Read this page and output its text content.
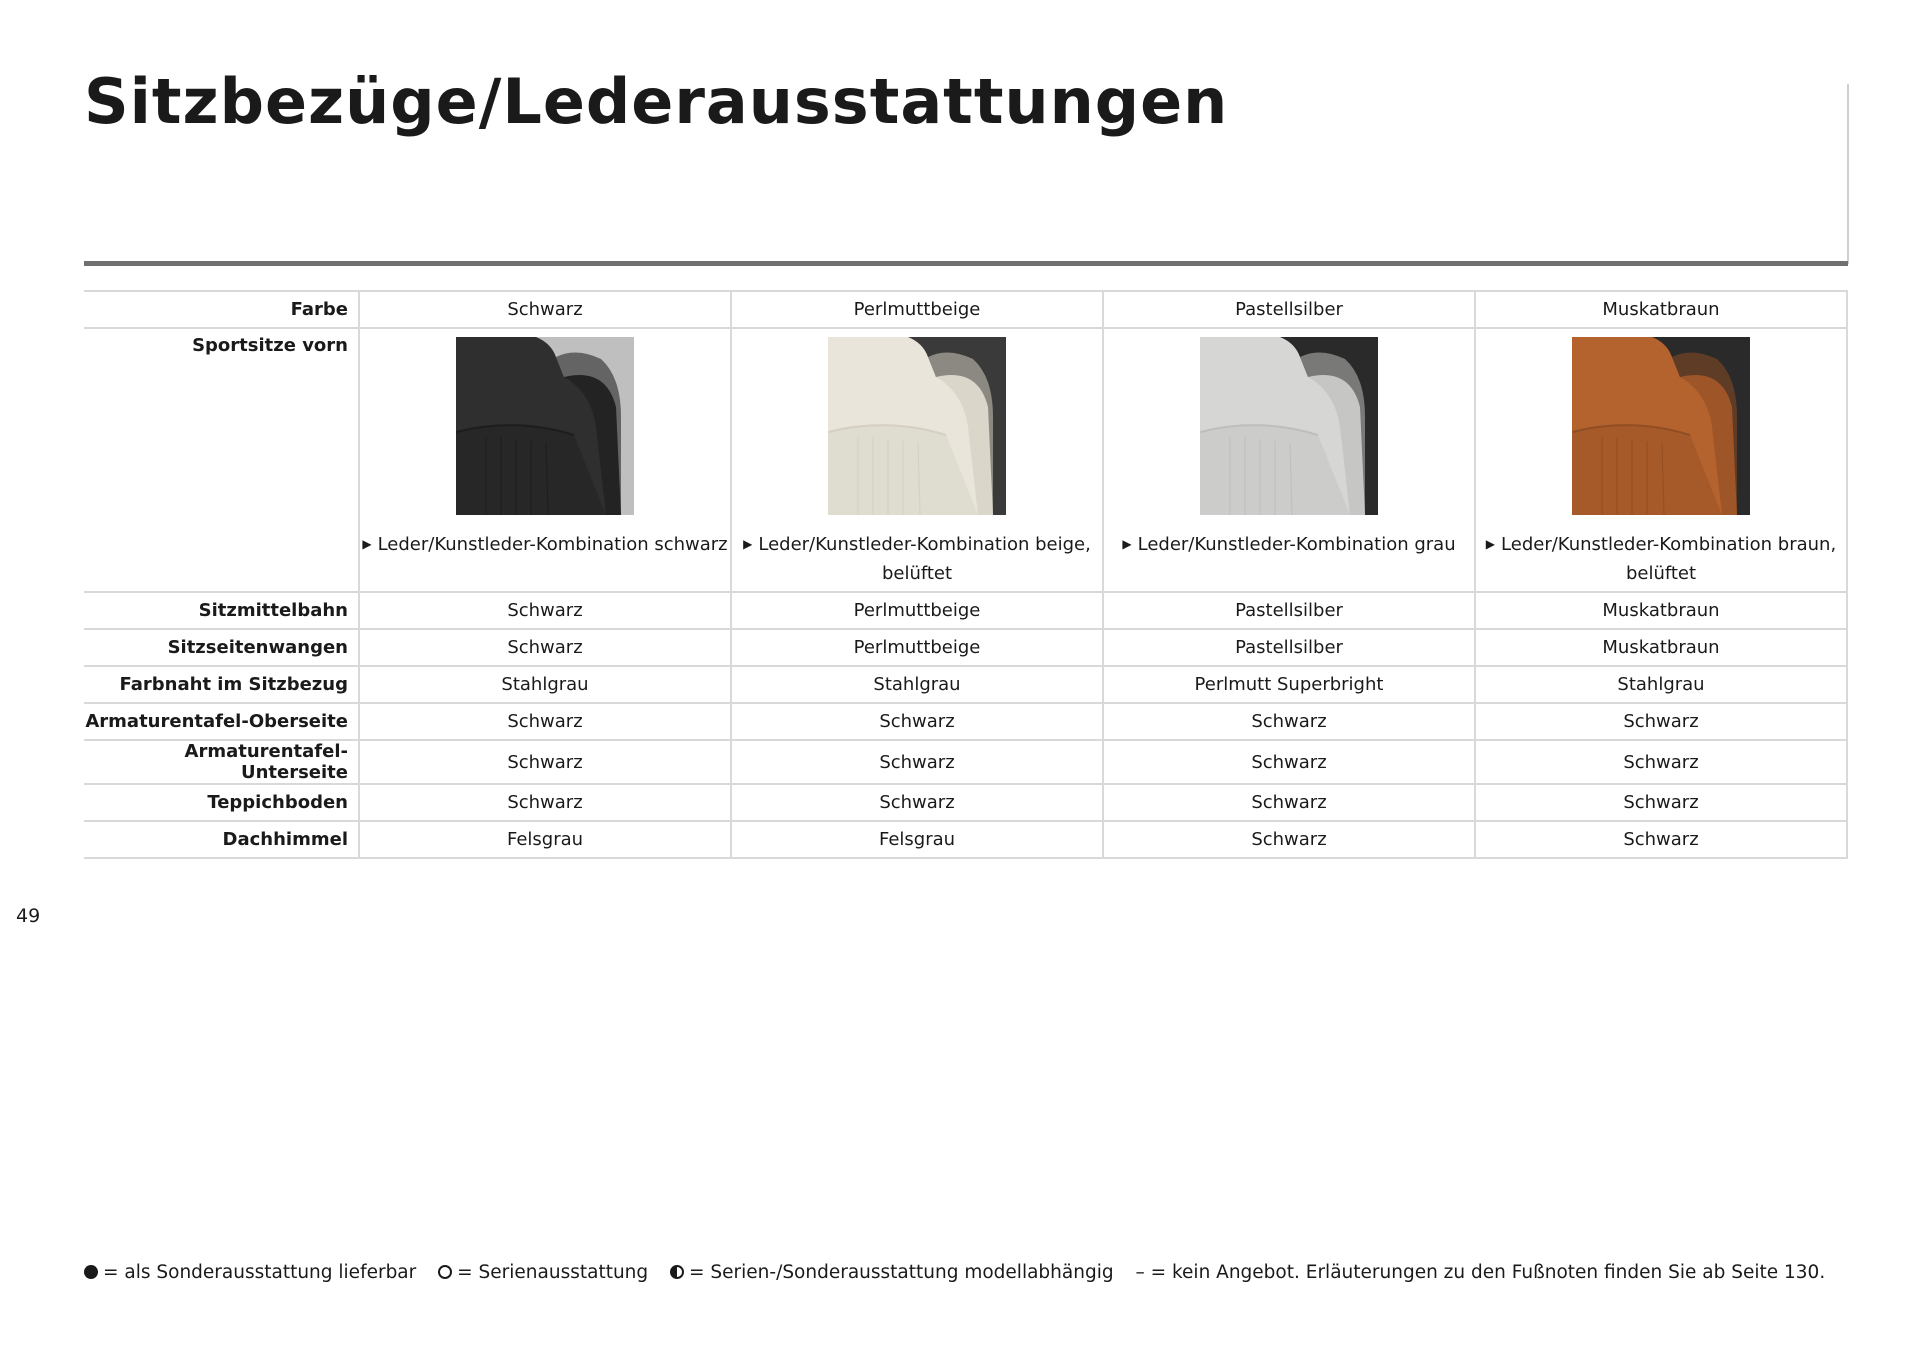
Sitzbezüge/Lederausstattungen
Farbe	Schwarz	Perlmuttbeige	Pastellsilber	Muskatbraun
Sportsitze vorn	▶ Leder/Kunstleder-Kombination schwarz	▶ Leder/Kunstleder-Kombination beige, belüftet	▶ Leder/Kunstleder-Kombination grau	▶ Leder/Kunstleder-Kombination braun, belüftet

Sitzmittelbahn	Schwarz	Perlmuttbeige	Pastellsilber	Muskatbraun
Sitzseitenwangen	Schwarz	Perlmuttbeige	Pastellsilber	Muskatbraun
Farbnaht im Sitzbezug	Stahlgrau	Stahlgrau	Perlmutt Superbright	Stahlgrau
Armaturentafel-Oberseite	Schwarz	Schwarz	Schwarz	Schwarz
Armaturentafel-Unterseite	Schwarz	Schwarz	Schwarz	Schwarz
Teppichboden	Schwarz	Schwarz	Schwarz	Schwarz
Dachhimmel	Felsgrau	Felsgrau	Schwarz	Schwarz
49
= als Sonderausstattung lieferbar = Serienausstattung = Serien-/Sonderausstattung modellabhängig – = kein Angebot. Erläuterungen zu den Fußnoten finden Sie ab Seite 130.
